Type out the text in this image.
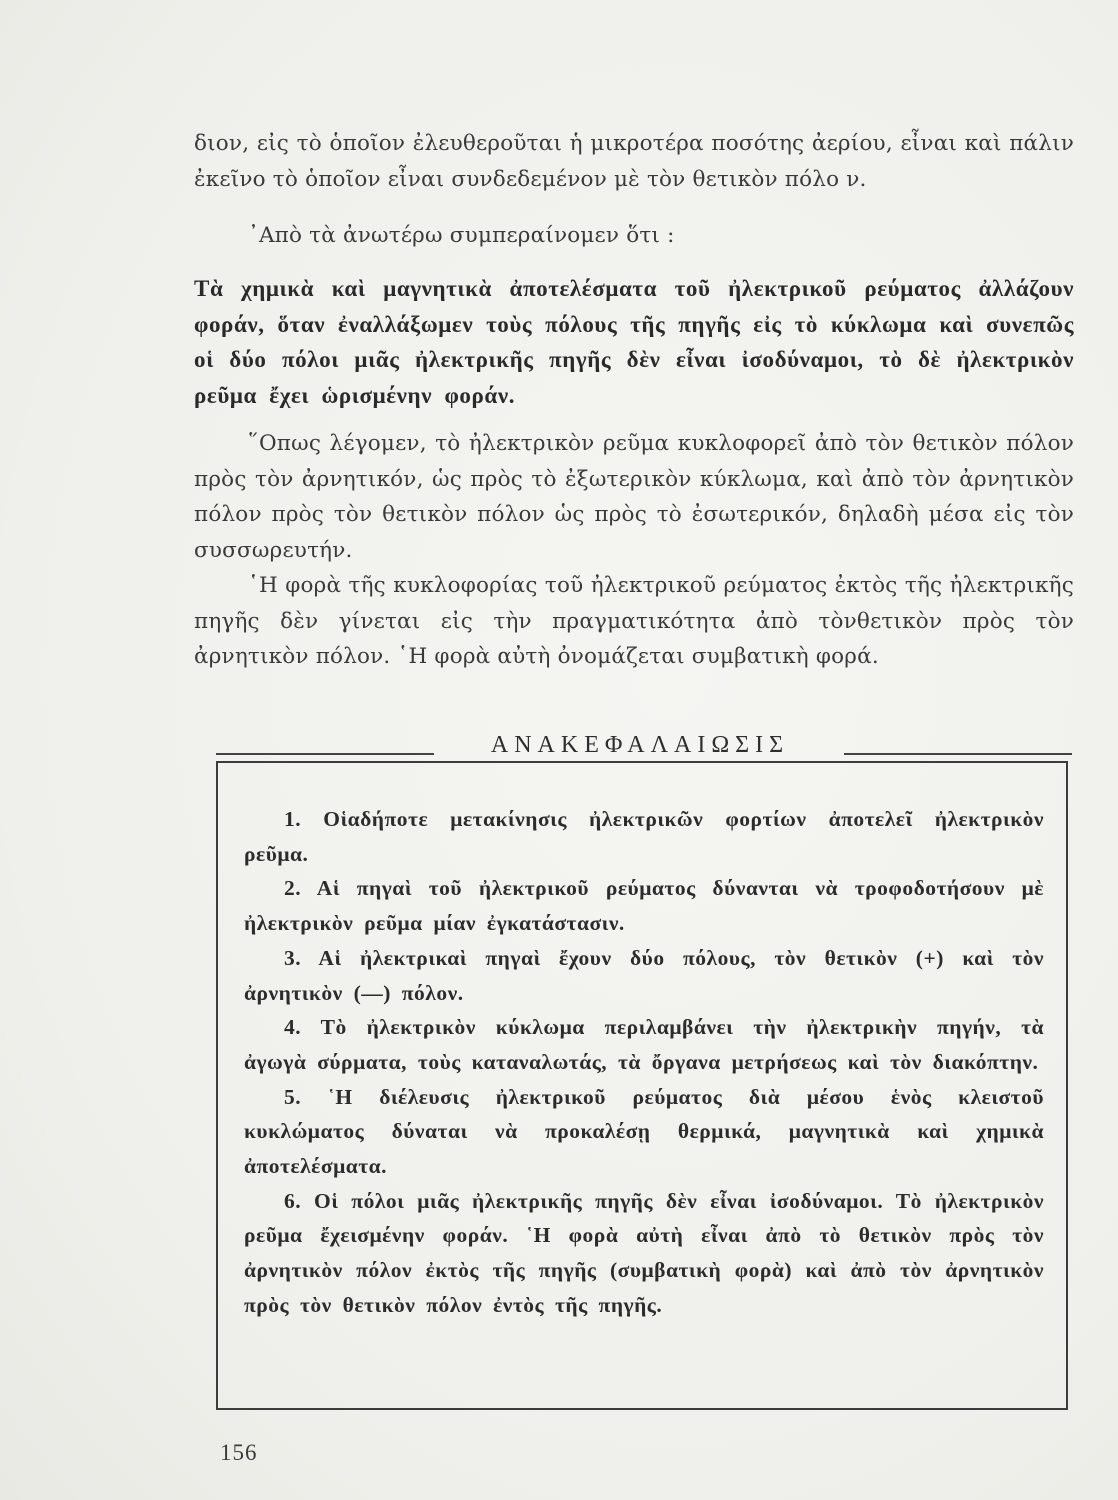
διον, εἰς τὸ ὁποῖον ἐλευθεροῦται ἡ μικροτέρα ποσότης ἀερίου, εἶναι καὶ πάλιν ἐκεῖνο τὸ ὁποῖον εἶναι συνδεδεμένον μὲ τὸν θετικὸν πόλο ν.

᾿Απὸ τὰ ἀνωτέρω συμπεραίνομεν ὅτι :

Τὰ χημικὰ καὶ μαγνητικὰ ἀποτελέσματα τοῦ ἠλεκτρικοῦ ρεύματος ἀλλάζουν φοράν, ὅταν ἐναλλάξωμεν τοὺς πόλους τῆς πηγῆς εἰς τὸ κύκλωμα καὶ συνεπῶς οἱ δύο πόλοι μιᾶς ἠλεκτρικῆς πηγῆς δὲν εἶναι ἰσοδύναμοι, τὸ δὲ ἠλεκτρικὸν ρεῦμα ἔχει ὡρισμένην φοράν.

῞Οπως λέγομεν, τὸ ἠλεκτρικὸν ρεῦμα κυκλοφορεῖ ἀπὸ τὸν θετικὸν πόλον πρὸς τὸν ἀρνητικόν, ὡς πρὸς τὸ ἐξωτερικὸν κύκλωμα, καὶ ἀπὸ τὸν ἀρνητικὸν πόλον πρὸς τὸν θετικὸν πόλον ὡς πρὸς τὸ ἐσωτερικόν, δηλαδὴ μέσα εἰς τὸν συσσωρευτήν.

῾Η φορὰ τῆς κυκλοφορίας τοῦ ἠλεκτρικοῦ ρεύματος ἐκτὸς τῆς ἠλεκτρικῆς πηγῆς δὲν γίνεται εἰς τὴν πραγματικότητα ἀπὸ τὸνθετικὸν πρὸς τὸν ἀρνητικὸν πόλον. ῾Η φορὰ αὐτὴ ὀνομάζεται συμβατικὴ φορά.

ΑΝΑΚΕΦΑΛΑΙΩΣΙΣ
1. Οἱαδήποτε μετακίνησις ἠλεκτρικῶν φορτίων ἀποτελεῖ ἠλεκτρικὸν ρεῦμα.
2. Αἱ πηγαὶ τοῦ ἠλεκτρικοῦ ρεύματος δύνανται νὰ τροφοδοτήσουν μὲ ἠλεκτρικὸν ρεῦμα μίαν ἐγκατάστασιν.
3. Αἱ ἠλεκτρικαὶ πηγαὶ ἔχουν δύο πόλους, τὸν θετικὸν (+) καὶ τὸν ἀρνητικὸν (—) πόλον.
4. Τὸ ἠλεκτρικὸν κύκλωμα περιλαμβάνει τὴν ἠλεκτρικὴν πηγήν, τὰ ἀγωγὰ σύρματα, τοὺς καταναλωτάς, τὰ ὄργανα μετρήσεως καὶ τὸν διακόπτην.
5. ῾Η διέλευσις ἠλεκτρικοῦ ρεύματος διὰ μέσου ἑνὸς κλειστοῦ κυκλώματος δύναται νὰ προκαλέσῃ θερμικά, μαγνητικὰ καὶ χημικὰ ἀποτελέσματα.
6. Οἱ πόλοι μιᾶς ἠλεκτρικῆς πηγῆς δὲν εἶναι ἰσοδύναμοι. Τὸ ἠλεκτρικὸν ρεῦμα ἔχεισμένην φοράν. ῾Η φορὰ αὐτὴ εἶναι ἀπὸ τὸ θετικὸν πρὸς τὸν ἀρνητικὸν πόλον ἐκτὸς τῆς πηγῆς (συμβατικὴ φορὰ) καὶ ἀπὸ τὸν ἀρνητικὸν πρὸς τὸν θετικὸν πόλον ἐντὸς τῆς πηγῆς.
156
